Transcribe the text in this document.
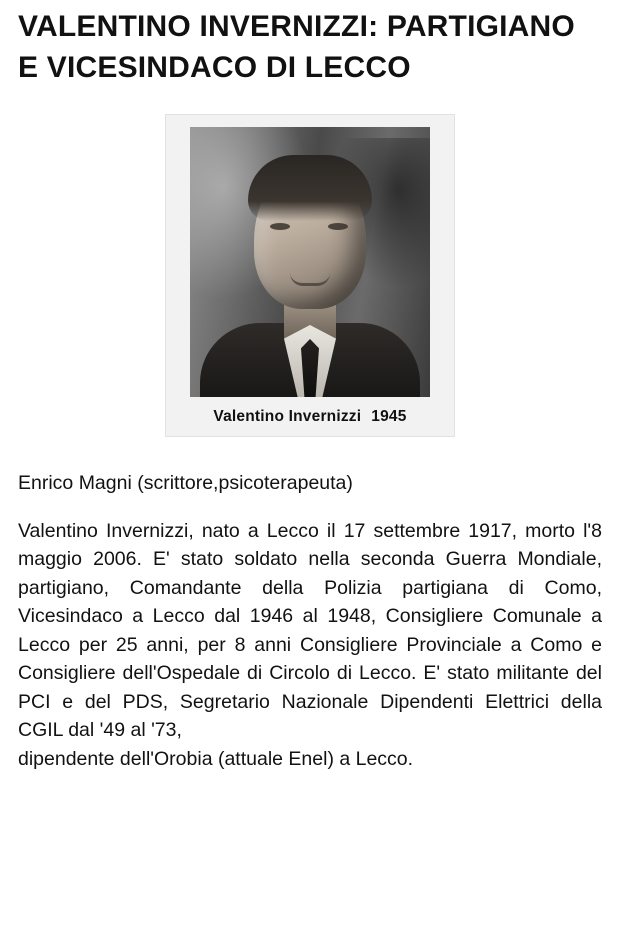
VALENTINO INVERNIZZI: PARTIGIANO E VICESINDACO DI LECCO
Valentino Invernizzi 1945

Enrico Magni (scrittore,psicoterapeuta)

Valentino Invernizzi, nato a Lecco il 17 settembre 1917, morto l'8 maggio 2006. E' stato soldato nella seconda Guerra Mondiale, partigiano, Comandante della Polizia partigiana di Como, Vicesindaco a Lecco dal 1946 al 1948, Consigliere Comunale a Lecco per 25 anni, per 8 anni Consigliere Provinciale a Como e Consigliere dell'Ospedale di Circolo di Lecco. E' stato militante del PCI e del PDS, Segretario Nazionale Dipendenti Elettrici della CGIL dal '49 al '73,
dipendente dell'Orobia (attuale Enel) a Lecco.
